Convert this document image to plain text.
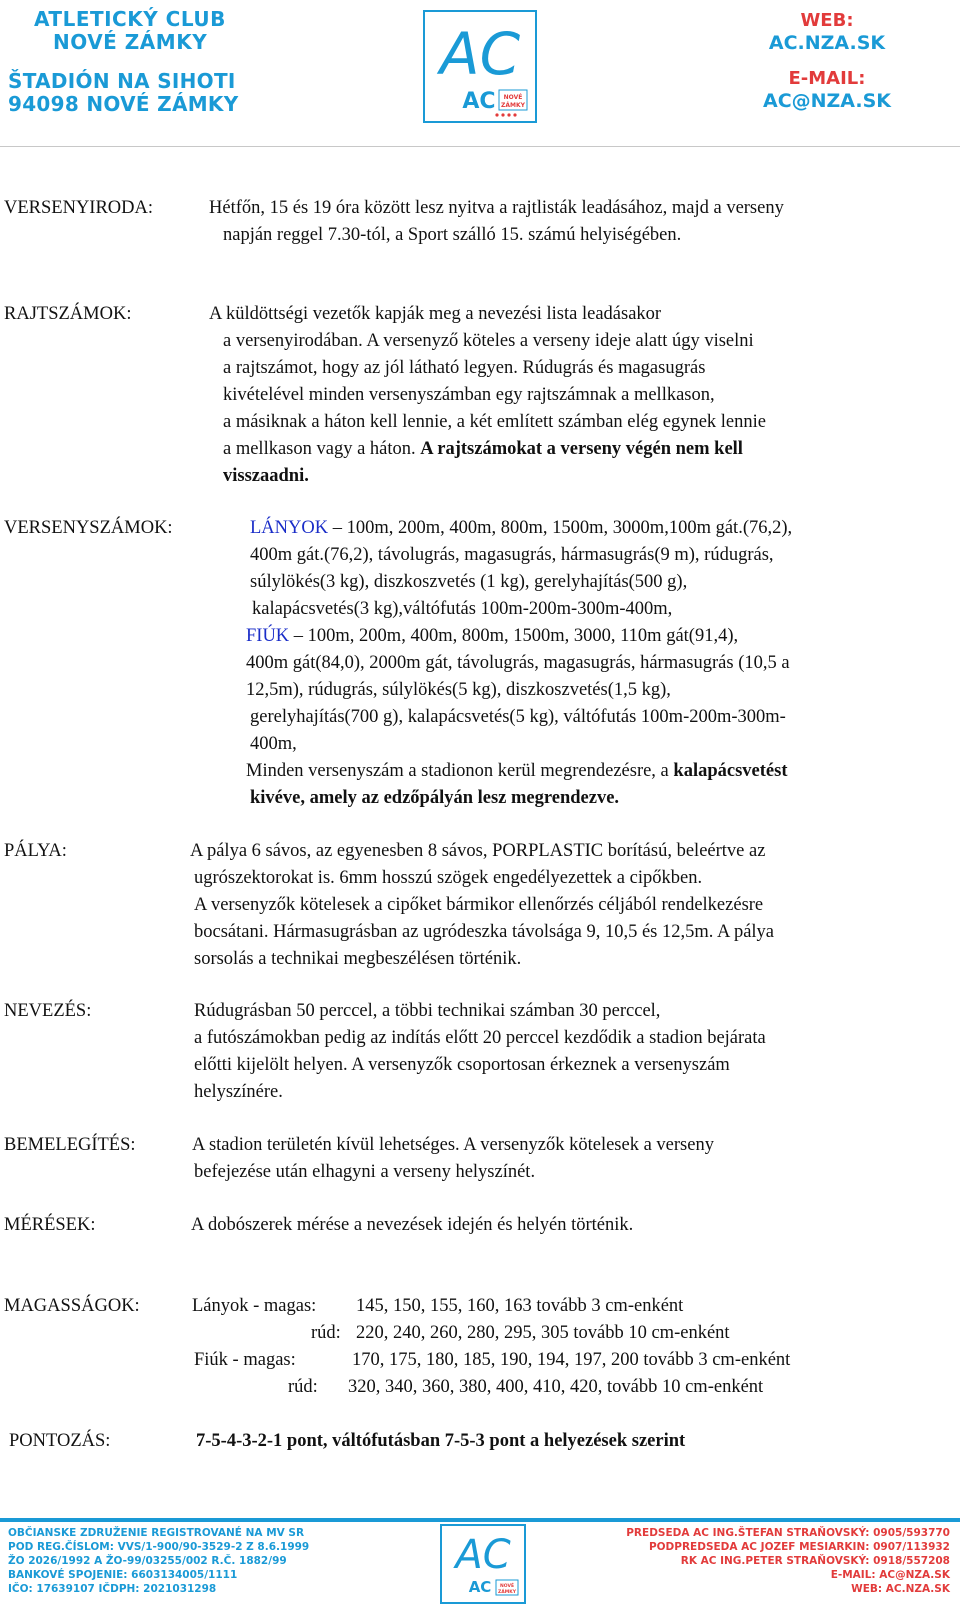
ATLETICKÝ CLUB
NOVÉ ZÁMKY
ŠTADIÓN NA SIHOTI
94098 NOVÉ ZÁMKY
AC
AC NOVÉ
ZÁMKY
WEB:
AC.NZA.SK
E-MAIL:
AC@NZA.SK
VERSENYIRODA:	Hétfőn, 15 és 19 óra között lesz nyitva a rajtlisták leadásához, majd a verseny
napján reggel 7.30-tól, a Sport szálló 15. számú helyiségében.
RAJTSZÁMOK:	A küldöttségi vezetők kapják meg a nevezési lista leadásakor
a versenyirodában. A versenyző köteles a verseny ideje alatt úgy viselni
a rajtszámot, hogy az jól látható legyen. Rúdugrás és magasugrás
kivételével minden versenyszámban egy rajtszámnak a mellkason,
a másiknak a háton kell lennie, a két említett számban elég egynek lennie
a mellkason vagy a háton. A rajtszámokat a verseny végén nem kell
visszaadni.
VERSENYSZÁMOK:	LÁNYOK – 100m, 200m, 400m, 800m, 1500m, 3000m,100m gát.(76,2),
400m gát.(76,2), távolugrás, magasugrás, hármasugrás(9 m), rúdugrás,
súlylökés(3 kg), diszkoszvetés (1 kg), gerelyhajítás(500 g),
kalapácsvetés(3 kg),váltófutás 100m-200m-300m-400m,
FIÚK – 100m, 200m, 400m, 800m, 1500m, 3000, 110m gát(91,4),
400m gát(84,0), 2000m gát, távolugrás, magasugrás, hármasugrás (10,5 a
12,5m), rúdugrás, súlylökés(5 kg), diszkoszvetés(1,5 kg),
gerelyhajítás(700 g), kalapácsvetés(5 kg), váltófutás 100m-200m-300m-
400m,
Minden versenyszám a stadionon kerül megrendezésre, a kalapácsvetést
kivéve, amely az edzőpályán lesz megrendezve.
PÁLYA:	A pálya 6 sávos, az egyenesben 8 sávos, PORPLASTIC borítású, beleértve az
ugrószektorokat is. 6mm hosszú szögek engedélyezettek a cipőkben.
A versenyzők kötelesek a cipőket bármikor ellenőrzés céljából rendelkezésre
bocsátani. Hármasugrásban az ugródeszka távolsága 9, 10,5 és 12,5m. A pálya
sorsolás a technikai megbeszélésen történik.
NEVEZÉS:	Rúdugrásban 50 perccel, a többi technikai számban 30 perccel,
a futószámokban pedig az indítás előtt 20 perccel kezdődik a stadion bejárata
előtti kijelölt helyen. A versenyzők csoportosan érkeznek a versenyszám
helyszínére.
BEMELEGÍTÉS:	A stadion területén kívül lehetséges. A versenyzők kötelesek a verseny
befejezése után elhagyni a verseny helyszínét.
MÉRÉSEK:	A dobószerek mérése a nevezések idején és helyén történik.
MAGASSÁGOK:	Lányok - magas: 145, 150, 155, 160, 163 tovább 3 cm-enként
rúd: 220, 240, 260, 280, 295, 305 tovább 10 cm-enként
Fiúk - magas:	170, 175, 180, 185, 190, 194, 197, 200 tovább 3 cm-enként
rúd: 320, 340, 360, 380, 400, 410, 420, tovább 10 cm-enként
PONTOZÁS:	7-5-4-3-2-1 pont, váltófutásban 7-5-3 pont a helyezések szerint
OBČIANSKE ZDRUŽENIE REGISTROVANÉ NA MV SR
POD REG.ČÍSLOM: VVS/1-900/90-3529-2 Z 8.6.1999
ŽO 2026/1992 A ŽO-99/03255/002 R.Č. 1882/99
BANKOVÉ SPOJENIE: 6603134005/1111
IČO: 17639107 IČDPH: 2021031298
AC
AC NOVÉ
ZÁMKY
PREDSEDA AC ING.ŠTEFAN STRAŇOVSKÝ: 0905/593770
PODPREDSEDA AC JOZEF MESIARKIN: 0907/113932
RK AC ING.PETER STRAŇOVSKÝ: 0918/557208
E-MAIL: AC@NZA.SK
WEB: AC.NZA.SK
